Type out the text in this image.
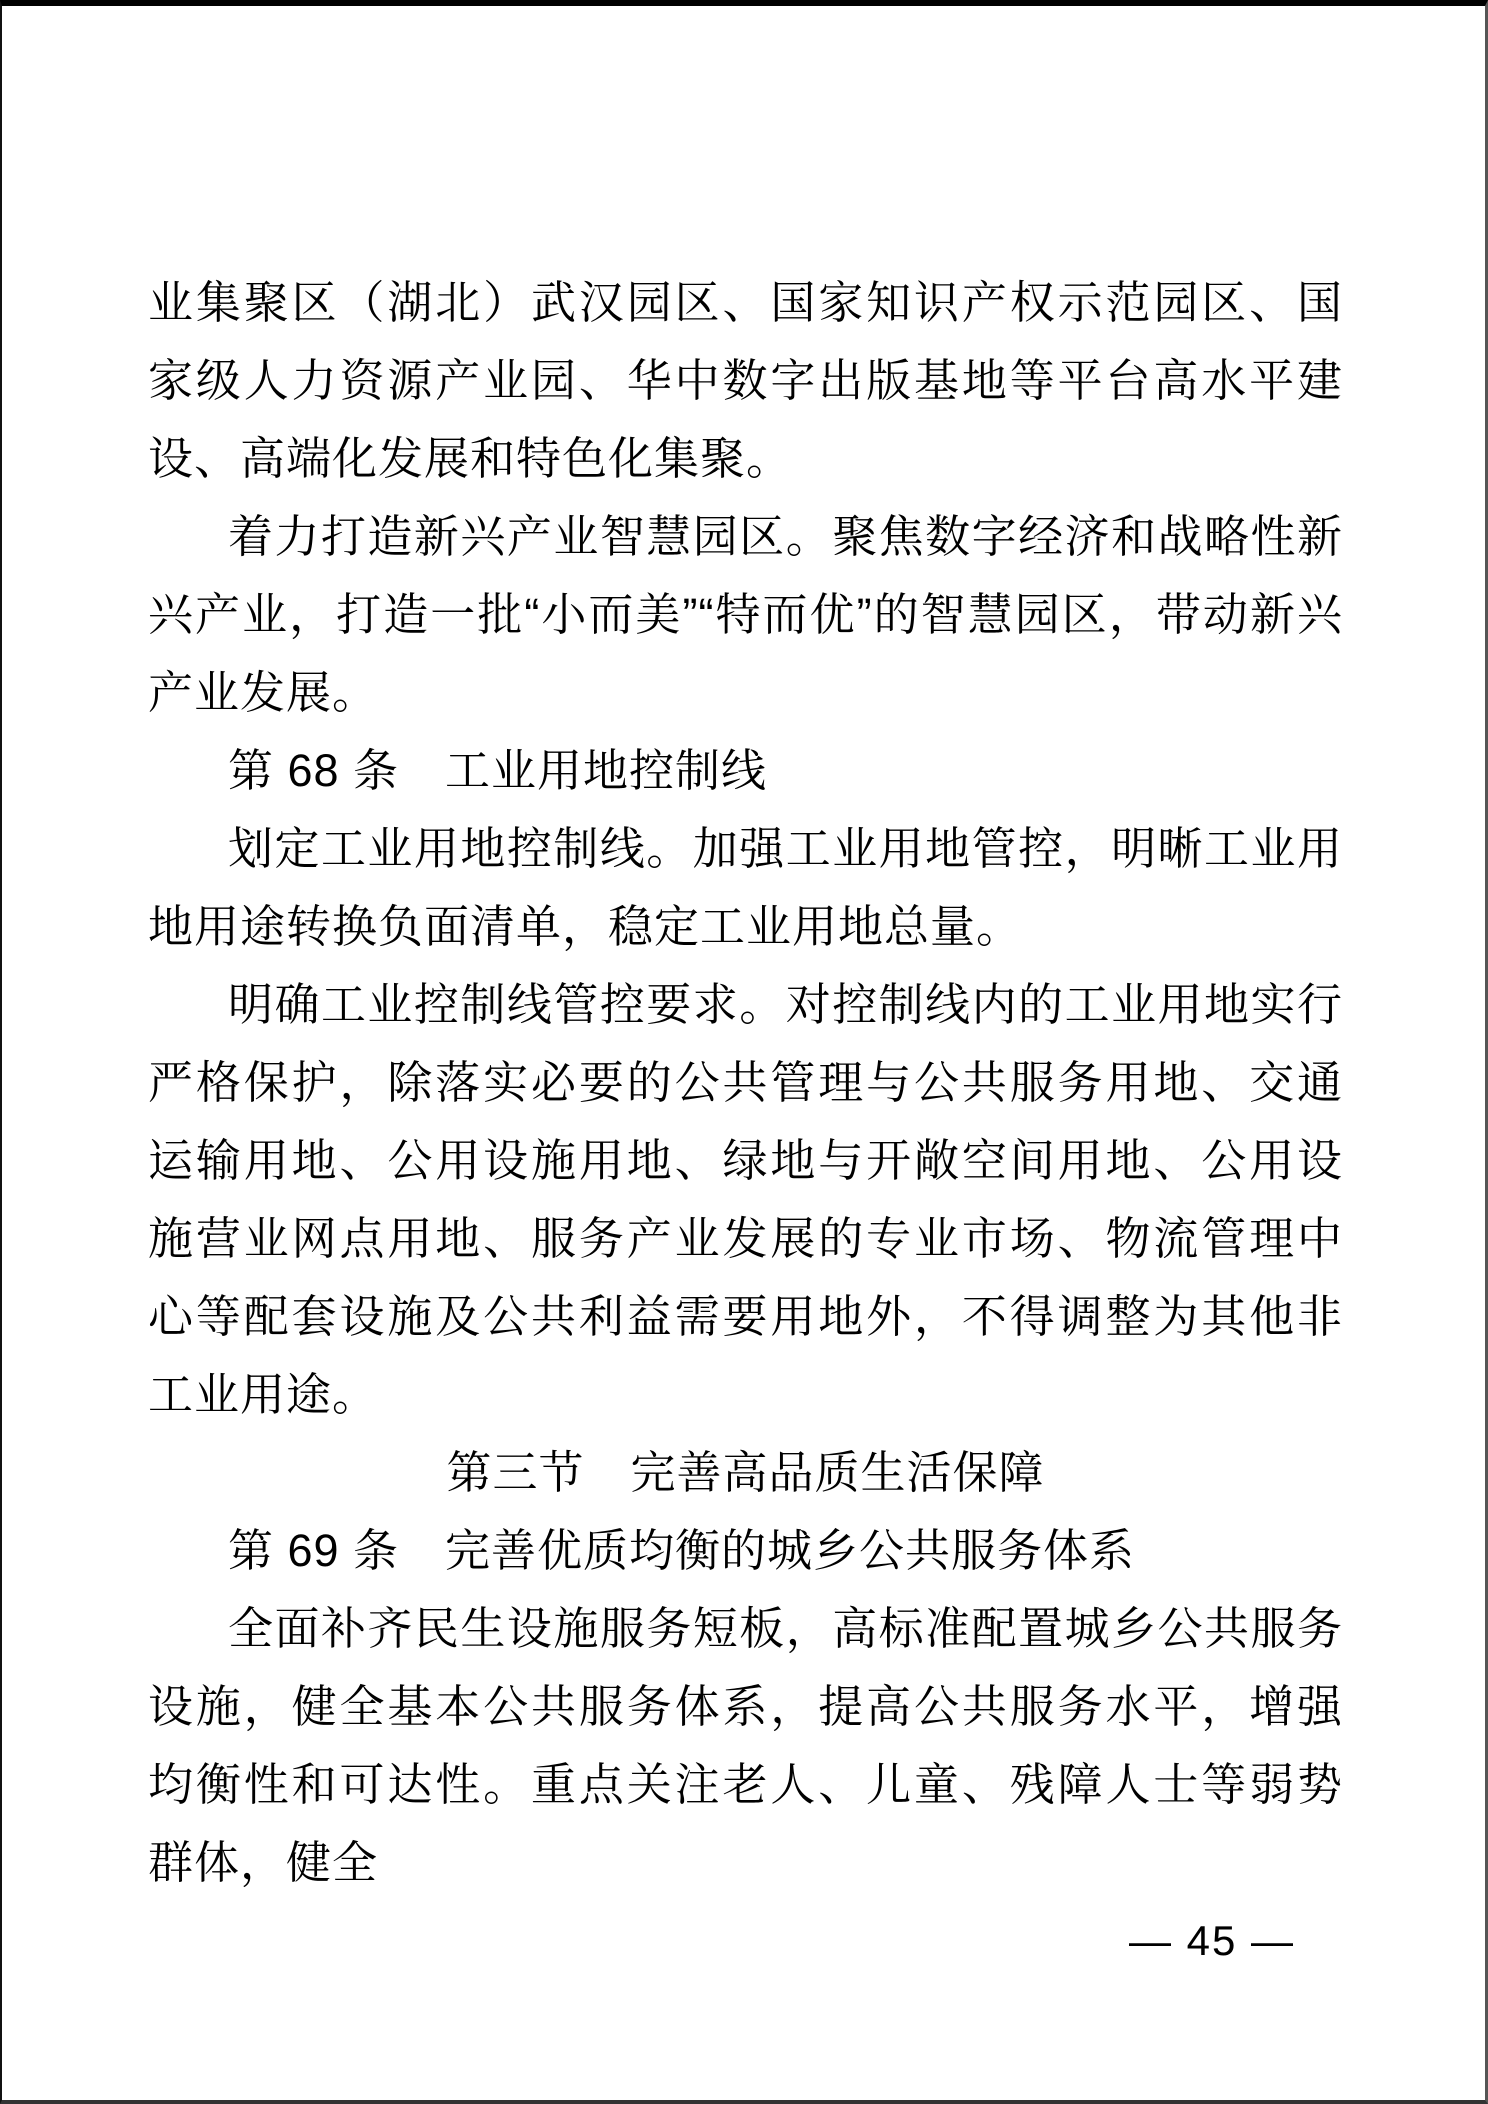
业集聚区（湖北）武汉园区、国家知识产权示范园区、国家级人力资源产业园、华中数字出版基地等平台高水平建设、高端化发展和特色化集聚。

着力打造新兴产业智慧园区。聚焦数字经济和战略性新兴产业，打造一批“小而美”“特而优”的智慧园区，带动新兴产业发展。

第 68 条　工业用地控制线

划定工业用地控制线。加强工业用地管控，明晰工业用地用途转换负面清单，稳定工业用地总量。

明确工业控制线管控要求。对控制线内的工业用地实行严格保护，除落实必要的公共管理与公共服务用地、交通运输用地、公用设施用地、绿地与开敞空间用地、公用设施营业网点用地、服务产业发展的专业市场、物流管理中心等配套设施及公共利益需要用地外，不得调整为其他非工业用途。

第三节　完善高品质生活保障
第 69 条　完善优质均衡的城乡公共服务体系

全面补齐民生设施服务短板，高标准配置城乡公共服务设施，健全基本公共服务体系，提高公共服务水平，增强均衡性和可达性。重点关注老人、儿童、残障人士等弱势群体，健全

— 45 —
